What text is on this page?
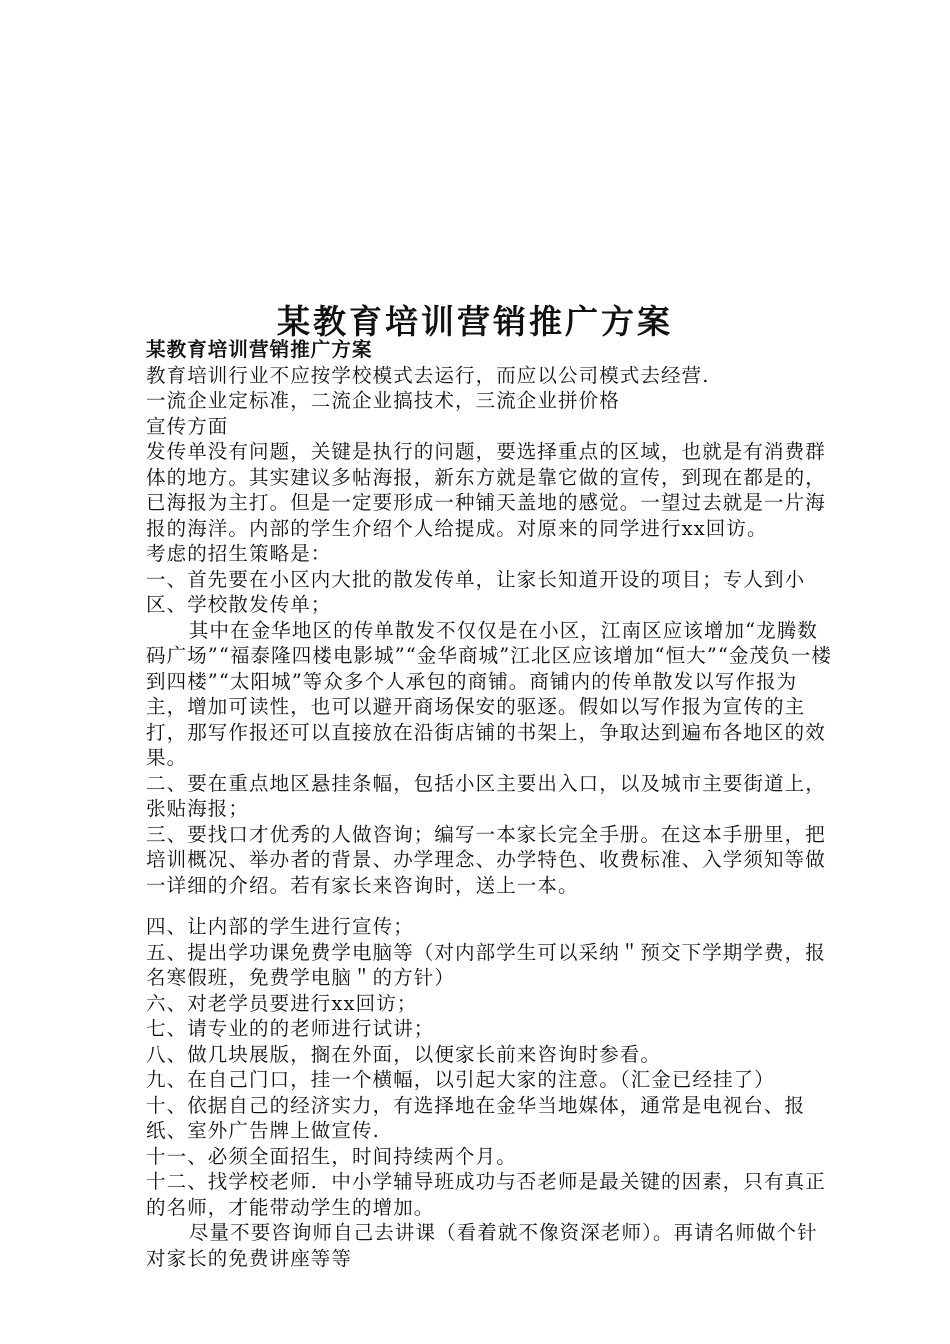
某教育培训营销推广方案

某教育培训营销推广方案

教育培训行业不应按学校模式去运行，而应以公司模式去经营.

一流企业定标准，二流企业搞技术，三流企业拼价格

宣传方面

发传单没有问题，关键是执行的问题，要选择重点的区域，也就是有消费群体的地方。其实建议多帖海报，新东方就是靠它做的宣传，到现在都是的，已海报为主打。但是一定要形成一种铺天盖地的感觉。一望过去就是一片海报的海洋。内部的学生介绍个人给提成。对原来的同学进行xx回访。

考虑的招生策略是：

一、首先要在小区内大批的散发传单，让家长知道开设的项目；专人到小区、学校散发传单；

其中在金华地区的传单散发不仅仅是在小区，江南区应该增加“龙腾数码广场”“福泰隆四楼电影城”“金华商城”江北区应该增加“恒大”“金茂负一楼到四楼”“太阳城”等众多个人承包的商铺。商铺内的传单散发以写作报为主，增加可读性，也可以避开商场保安的驱逐。假如以写作报为宣传的主打，那写作报还可以直接放在沿街店铺的书架上，争取达到遍布各地区的效果。

二、要在重点地区悬挂条幅，包括小区主要出入口，以及城市主要街道上，张贴海报；

三、要找口才优秀的人做咨询；编写一本家长完全手册。在这本手册里，把培训概况、举办者的背景、办学理念、办学特色、收费标准、入学须知等做一详细的介绍。若有家长来咨询时，送上一本。

四、让内部的学生进行宣传；

五、提出学功课免费学电脑等（对内部学生可以采纳＂预交下学期学费，报名寒假班，免费学电脑＂的方针）

六、对老学员要进行xx回访；

七、请专业的的老师进行试讲；

八、做几块展版，搁在外面，以便家长前来咨询时参看。

九、在自己门口，挂一个横幅，以引起大家的注意。（汇金已经挂了）

十、依据自己的经济实力，有选择地在金华当地媒体，通常是电视台、报纸、室外广告牌上做宣传.

十一、必须全面招生，时间持续两个月。

十二、找学校老师．中小学辅导班成功与否老师是最关键的因素，只有真正的名师，才能带动学生的增加。

尽量不要咨询师自己去讲课（看着就不像资深老师）。再请名师做个针对家长的免费讲座等等
